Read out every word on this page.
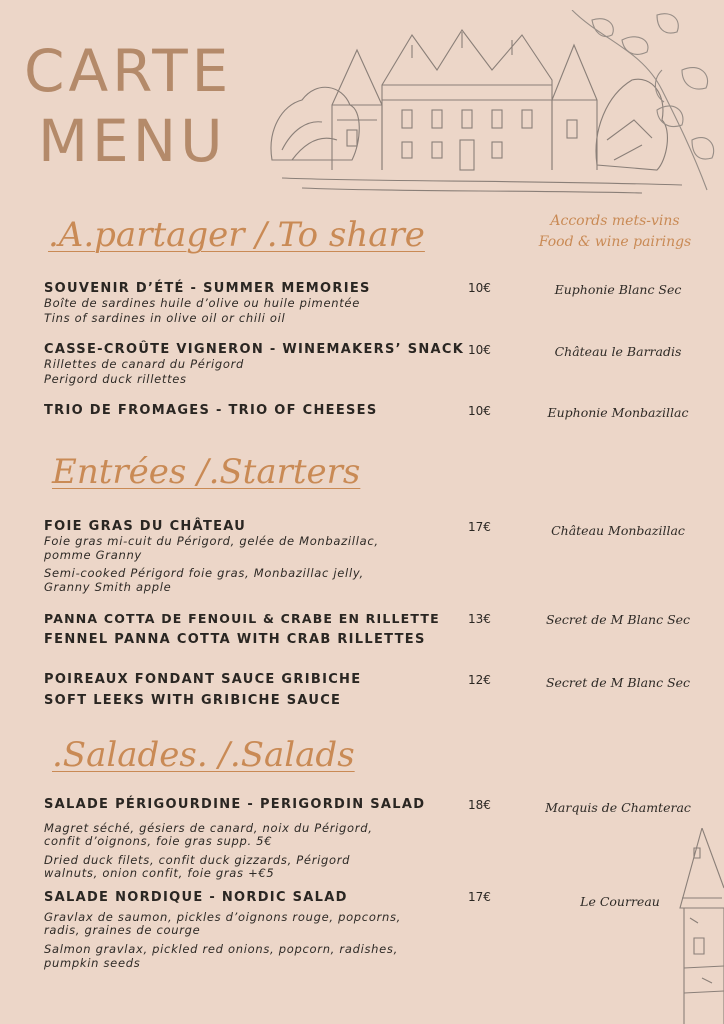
CARTE
MENU
Accords mets-vins
Food & wine pairings
.A.partager /.To share
SOUVENIR D’ÉTÉ - SUMMER MEMORIES
Boîte de sardines huile d’olive ou huile pimentée
Tins of sardines in olive oil or chili oil
10€	Euphonie Blanc Sec
CASSE-CROÛTE VIGNERON - WINEMAKERS’ SNACK
Rillettes de canard du Périgord
Perigord duck rillettes
10€	Château le Barradis
TRIO DE FROMAGES - TRIO OF CHEESES	10€	Euphonie Monbazillac
Entrées /.Starters
FOIE GRAS DU CHÂTEAU
Foie gras mi-cuit du Périgord, gelée de Monbazillac,
pomme Granny
Semi-cooked Périgord foie gras, Monbazillac jelly,
Granny Smith apple
17€	Château Monbazillac
PANNA COTTA DE FENOUIL & CRABE EN RILLETTE
FENNEL PANNA COTTA WITH CRAB RILLETTES
13€	Secret de M Blanc Sec
POIREAUX FONDANT SAUCE GRIBICHE
SOFT LEEKS WITH GRIBICHE SAUCE
12€	Secret de M Blanc Sec
.Salades. /.Salads
SALADE PÉRIGOURDINE - PERIGORDIN SALAD
Magret séché, gésiers de canard, noix du Périgord,
confit d’oignons, foie gras supp. 5€
Dried duck filets, confit duck gizzards, Périgord
walnuts, onion confit, foie gras +€5
18€	Marquis de Chamterac
SALADE NORDIQUE - NORDIC SALAD
Gravlax de saumon, pickles d’oignons rouge, popcorns,
radis, graines de courge
Salmon gravlax, pickled red onions, popcorn, radishes,
pumpkin seeds
17€	Le Courreau
